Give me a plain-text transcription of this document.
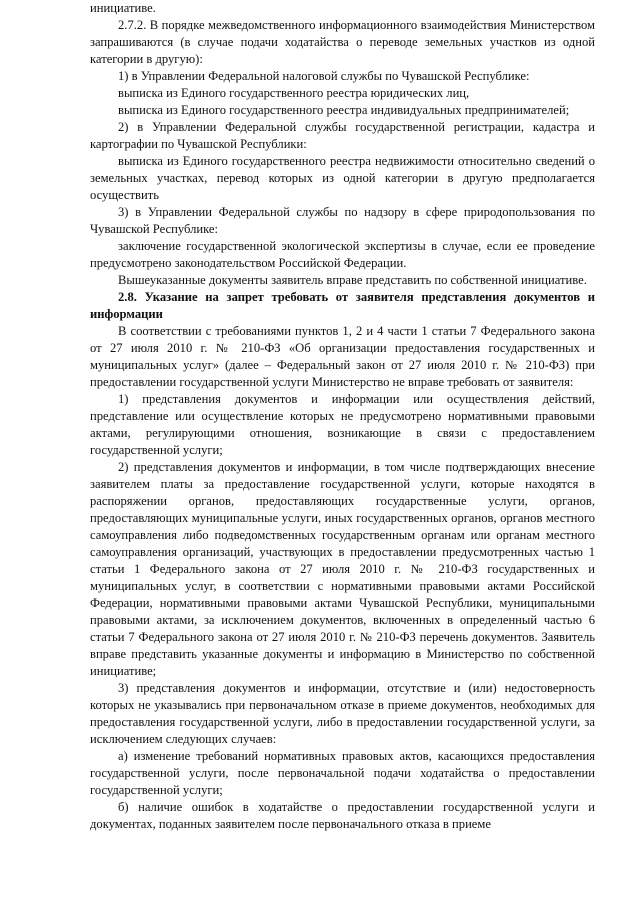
инициативе.

2.7.2. В порядке межведомственного информационного взаимодействия Министерством запрашиваются (в случае подачи ходатайства о переводе земельных участков из одной категории в другую):

1) в Управлении Федеральной налоговой службы по Чувашской Республике:

выписка из Единого государственного реестра юридических лиц,

выписка из Единого государственного реестра индивидуальных предпринимателей;

2) в Управлении Федеральной службы государственной регистрации, кадастра и картографии по Чувашской Республики:

выписка из Единого государственного реестра недвижимости относительно сведений о земельных участках, перевод которых из одной категории в другую предполагается осуществить

3) в Управлении Федеральной службы по надзору в сфере природопользования по Чувашской Республике:

заключение государственной экологической экспертизы в случае, если ее проведение предусмотрено законодательством Российской Федерации.

Вышеуказанные документы заявитель вправе представить по собственной инициативе.

2.8. Указание на запрет требовать от заявителя представления документов и информации

В соответствии с требованиями пунктов 1, 2 и 4 части 1 статьи 7 Федерального закона от 27 июля 2010 г. № 210-ФЗ «Об организации предоставления государственных и муниципальных услуг» (далее – Федеральный закон от 27 июля 2010 г. № 210-ФЗ) при предоставлении государственной услуги Министерство не вправе требовать от заявителя:

1) представления документов и информации или осуществления действий, представление или осуществление которых не предусмотрено нормативными правовыми актами, регулирующими отношения, возникающие в связи с предоставлением государственной услуги;

2) представления документов и информации, в том числе подтверждающих внесение заявителем платы за предоставление государственной услуги, которые находятся в распоряжении органов, предоставляющих государственные услуги, органов, предоставляющих муниципальные услуги, иных государственных органов, органов местного самоуправления либо подведомственных государственным органам или органам местного самоуправления организаций, участвующих в предоставлении предусмотренных частью 1 статьи 1 Федерального закона от 27 июля 2010 г. № 210-ФЗ государственных и муниципальных услуг, в соответствии с нормативными правовыми актами Российской Федерации, нормативными правовыми актами Чувашской Республики, муниципальными правовыми актами, за исключением документов, включенных в определенный частью 6 статьи 7 Федерального закона от 27 июля 2010 г. № 210-ФЗ перечень документов. Заявитель вправе представить указанные документы и информацию в Министерство по собственной инициативе;

3) представления документов и информации, отсутствие и (или) недостоверность которых не указывались при первоначальном отказе в приеме документов, необходимых для предоставления государственной услуги, либо в предоставлении государственной услуги, за исключением следующих случаев:

а) изменение требований нормативных правовых актов, касающихся предоставления государственной услуги, после первоначальной подачи ходатайства о предоставлении государственной услуги;

б) наличие ошибок в ходатайстве о предоставлении государственной услуги и документах, поданных заявителем после первоначального отказа в приеме
